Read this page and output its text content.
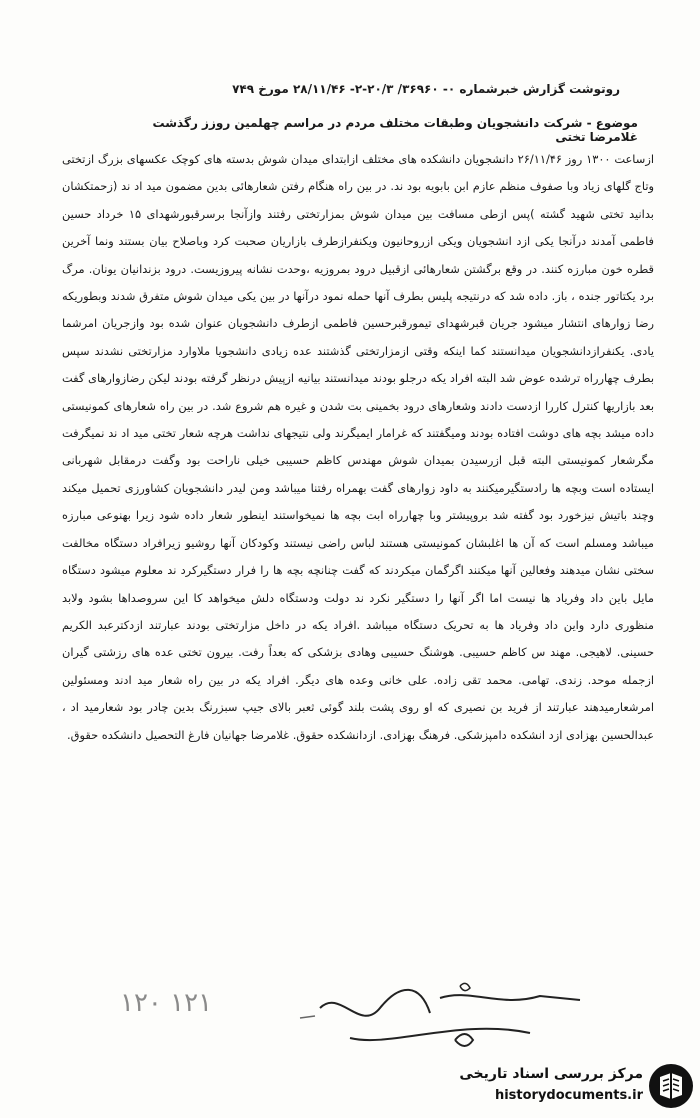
روتوشت گزارش خبرشماره ۰- ۳۶۹۶۰/ ۲۰/۳-۲- ۲۸/۱۱/۴۶ مورخ ۷۴۹
موضوع - شرکت دانشجویان وطبقات مختلف مردم در مراسم چهلمین روزز رگذشت غلامرضا تختی

ازساعت ۱۳۰۰ روز ۲۶/۱۱/۴۶ دانشجویان دانشکده های مختلف ازابتدای میدان شوش بدسته های کوچک عکسهای بزرگ ازتختی وتاج گلهای زیاد وبا صفوف منظم عازم ابن بابویه بود ند. در بین راه هنگام رفتن شعارهائی بدین مضمون مید اد ند (زحمتکشان بدانید تختی شهید گشته )پس ازطی مسافت بین میدان شوش بمزارتختی رفتند وازآنجا برسرقبورشهدای ۱۵ خرداد حسین فاطمی آمدند درآنجا یکی ازد انشجویان ویکی ازروحانیون ویکنفرازطرف بازاریان صحبت کرد وباصلاح بیان بستند ونما آخرین قطره خون مبارزه کنند. در وقع برگشتن شعارهائی ازقبیل درود بمروزیه ،وحدت نشانه پیروزیست. درود بزندانیان یونان. مرگ برد یکتاتور جنده ، باز. داده شد که درنتیجه پلیس بطرف آنها حمله نمود درآنها در بین یکی میدان شوش متفرق شدند وبطوریکه رضا زوارهای انتشار میشود جریان قبرشهدای تیمورقبرحسین فاطمی ازطرف دانشجویان عنوان شده بود وازجریان امرشما یادی. یکنفرازدانشجویان میدانستند کما اینکه وقتی ازمزارتختی گذشتند عده زیادی دانشجویا ملاوارد مزارتختی نشدند سپس بطرف چهارراه ترشده عوض شد البته افراد یکه درجلو بودند میدانستند بیانیه ازپیش درنظر گرفته بودند لیکن رضازوارهای گفت بعد بازاریها کنترل کاررا ازدست دادند وشعارهای درود بخمینی بت شدن و غیره هم شروع شد. در بین راه شعارهای کمونیستی داده میشد بچه های دوشت افتاده بودند ومیگفتند که غرامار ایمیگرند ولی نتیجهای نداشت هرچه شعار تختی مید اد ند نمیگرفت مگرشعار کمونیستی البته قبل ازرسیدن بمیدان شوش مهندس کاظم حسیبی خیلی ناراحت بود وگفت درمقابل شهربانی ایستاده است وبچه ها رادستگیرمیکنند به داود زوارهای گفت بهمراه رفتنا میباشد ومن لیدر دانشجویان کشاورزی تحمیل میکند وچند باتیش نیزخورد بود گفته شد بروپیشتر وبا چهارراه ابت بچه ها نمیخواستند اینطور شعار داده شود زیرا بهنوعی مبارزه میباشد ومسلم است که آن ها اغلبشان کمونیستی هستند لباس راضی نیستند وکودکان آنها روشیو زیرافراد دستگاه مخالفت سختی نشان میدهند وفعالین آنها میکنند اگرگمان میکردند که گفت چنانچه بچه ها را فرار دستگیرکرد ند معلوم میشود دستگاه مایل باین داد وفریاد ها نیست اما اگر آنها را دستگیر نکرد ند دولت ودستگاه دلش میخواهد کا این سروصداها بشود ولابد منظوری دارد واین داد وفریاد ها به تحریک دستگاه میباشد .افراد یکه در داخل مزارتختی بودند عبارتند ازدکترعبد الکریم حسینی. لاهیجی. مهند س کاظم حسیبی. هوشنگ حسیبی وهادی بزشکی که بعداً رفت. بیرون تختی عده های رزشتی گیران ازجمله موحد. زندی. تهامی. محمد تقی زاده. علی خانی وعده های دیگر. افراد یکه در بین راه شعار مید ادند ومسئولین امرشعارمیدهند عبارتند از فرید بن نصیری که او روی پشت بلند گوئی ثعبر بالای جیپ سبزرنگ بدین چادر بود شعارمید اد ، عبدالحسین بهزادی ازد انشکده دامپزشکی. فرهنگ بهزادی. ازدانشکده حقوق. غلامرضا جهانیان فارغ التحصیل دانشکده حقوق.

۱۲۰ ۱۲۱
مرکز بررسی اسناد تاریخی
historydocuments.ir
